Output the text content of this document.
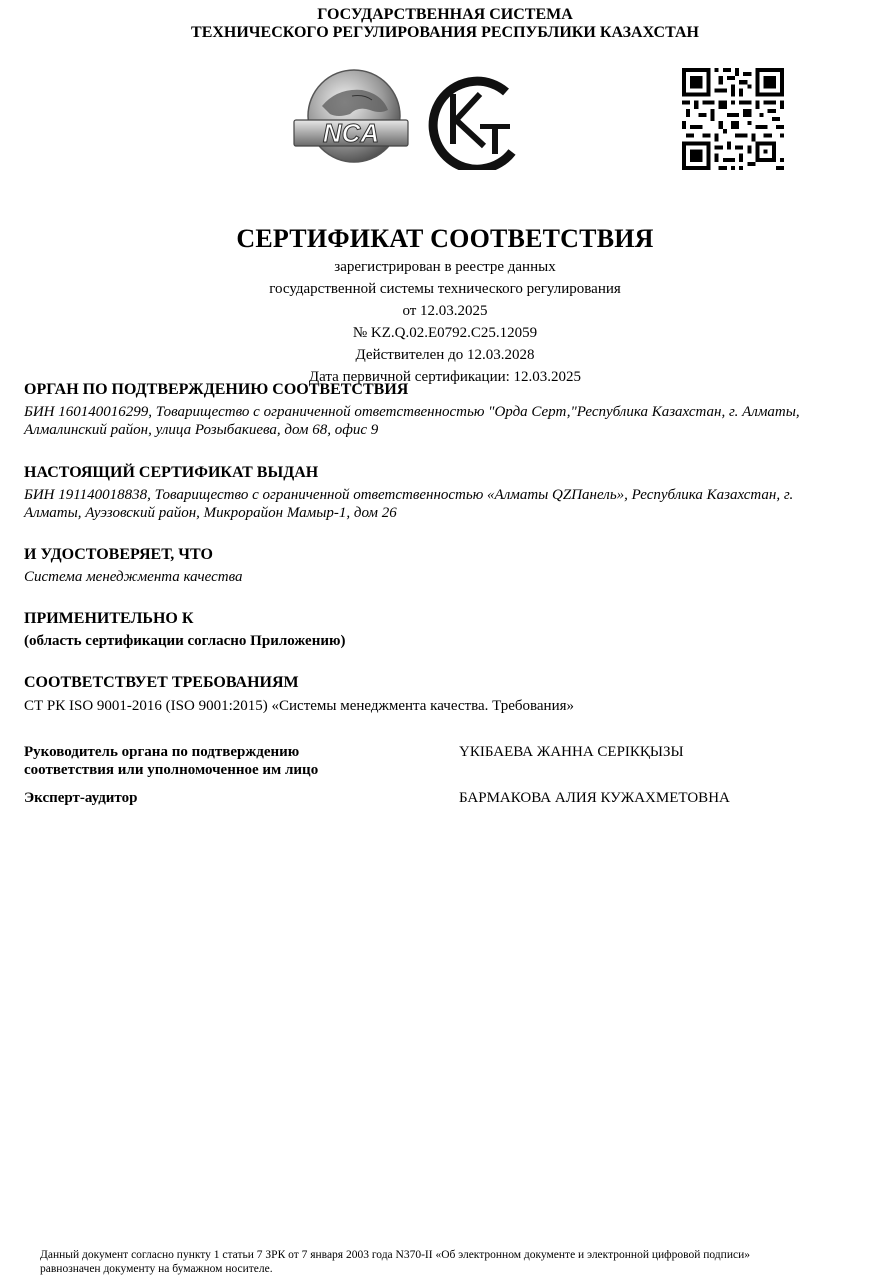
ГОСУДАРСТВЕННАЯ СИСТЕМА
ТЕХНИЧЕСКОГО РЕГУЛИРОВАНИЯ РЕСПУБЛИКИ КАЗАХСТАН
NCA
СЕРТИФИКАТ СООТВЕТСТВИЯ
зарегистрирован в реестре данных
государственной системы технического регулирования
от 12.03.2025
№ KZ.Q.02.E0792.C25.12059
Действителен до 12.03.2028
Дата первичной сертификации: 12.03.2025
ОРГАН ПО ПОДТВЕРЖДЕНИЮ СООТВЕТСТВИЯ
БИН 160140016299, Товарищество с ограниченной ответственностью "Орда Серт,"Республика Казахстан, г. Алматы,
Алмалинский район, улица Розыбакиева, дом 68, офис 9
НАСТОЯЩИЙ СЕРТИФИКАТ ВЫДАН
БИН 191140018838, Товарищество с ограниченной ответственностью «Алматы QZПанель», Республика Казахстан, г.
Алматы, Ауэзовский район, Микрорайон Мамыр-1, дом 26
И УДОСТОВЕРЯЕТ, ЧТО
Система менеджмента качества
ПРИМЕНИТЕЛЬНО К
(область сертификации согласно Приложению)
СООТВЕТСТВУЕТ ТРЕБОВАНИЯМ
СТ РК ISO 9001-2016 (ISO 9001:2015) «Системы менеджмента качества. Требования»
Руководитель органа по подтверждению
соответствия или уполномоченное им лицо
ҮКІБАЕВА ЖАННА СЕРІКҚЫЗЫ
Эксперт-аудитор	БАРМАКОВА АЛИЯ КУЖАХМЕТОВНА
Данный документ согласно пункту 1 статьи 7 ЗРК от 7 января 2003 года N370-II «Об электронном документе и электронной цифровой подписи»
равнозначен документу на бумажном носителе.
